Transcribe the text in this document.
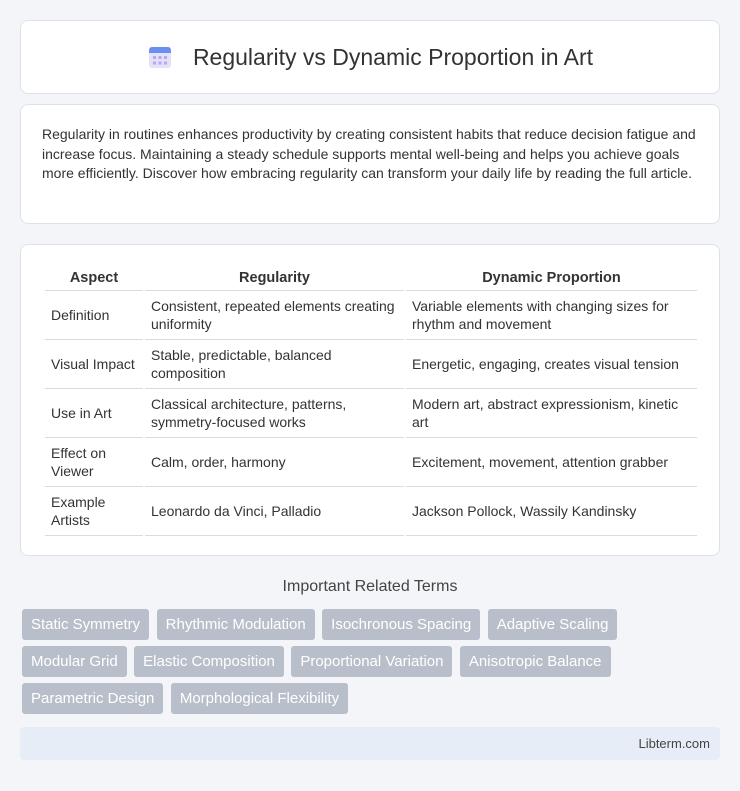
Regularity vs Dynamic Proportion in Art

Regularity in routines enhances productivity by creating consistent habits that reduce decision fatigue and increase focus. Maintaining a steady schedule supports mental well-being and helps you achieve goals more efficiently. Discover how embracing regularity can transform your daily life by reading the full article.

Aspect	Regularity	Dynamic Proportion
Definition	Consistent, repeated elements creating uniformity	Variable elements with changing sizes for rhythm and movement
Visual Impact	Stable, predictable, balanced composition	Energetic, engaging, creates visual tension
Use in Art	Classical architecture, patterns, symmetry-focused works	Modern art, abstract expressionism, kinetic art
Effect on Viewer	Calm, order, harmony	Excitement, movement, attention grabber
Example Artists	Leonardo da Vinci, Palladio	Jackson Pollock, Wassily Kandinsky
Important Related Terms
Static Symmetry Rhythmic Modulation Isochronous Spacing Adaptive Scaling Modular Grid Elastic Composition Proportional Variation Anisotropic Balance Parametric Design Morphological Flexibility
Libterm.com
